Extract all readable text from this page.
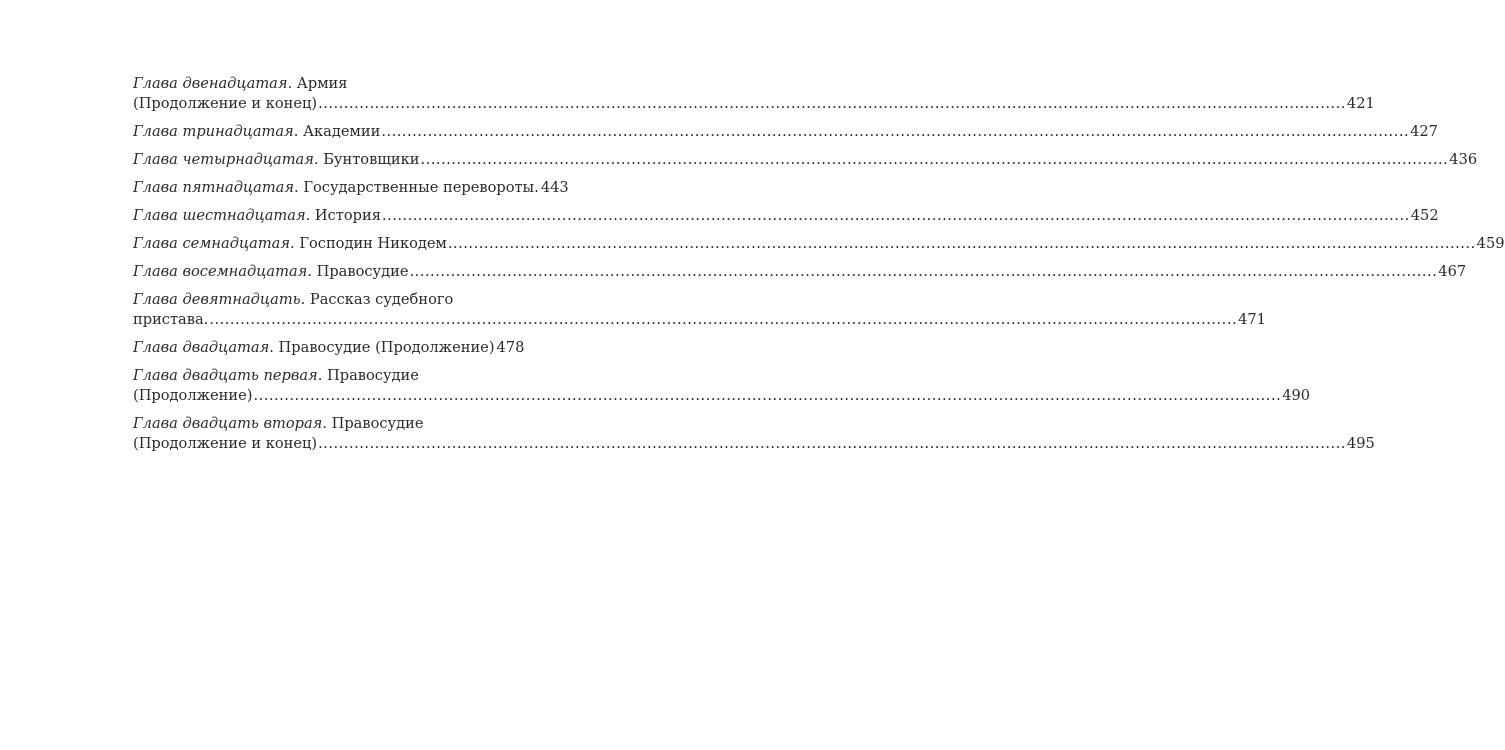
Глава двенадцатая. Армия
(Продолжение и конец) ........................................................................................................................................................................................................ 421
Глава тринадцатая. Академии ........................................................................................................................................................................................................ 427
Глава четырнадцатая. Бунтовщики ........................................................................................................................................................................................................ 436
Глава пятнадцатая. Государственные перевороты. 443
Глава шестнадцатая. История ........................................................................................................................................................................................................ 452
Глава семнадцатая. Господин Никодем ........................................................................................................................................................................................................ 459
Глава восемнадцатая. Правосудие ........................................................................................................................................................................................................ 467
Глава девятнадцать. Рассказ судебного
пристава. ........................................................................................................................................................................................................ 471
Глава двадцатая. Правосудие (Продолжение) 478
Глава двадцать первая. Правосудие
(Продолжение) ........................................................................................................................................................................................................ 490
Глава двадцать вторая. Правосудие
(Продолжение и конец) ........................................................................................................................................................................................................ 495
